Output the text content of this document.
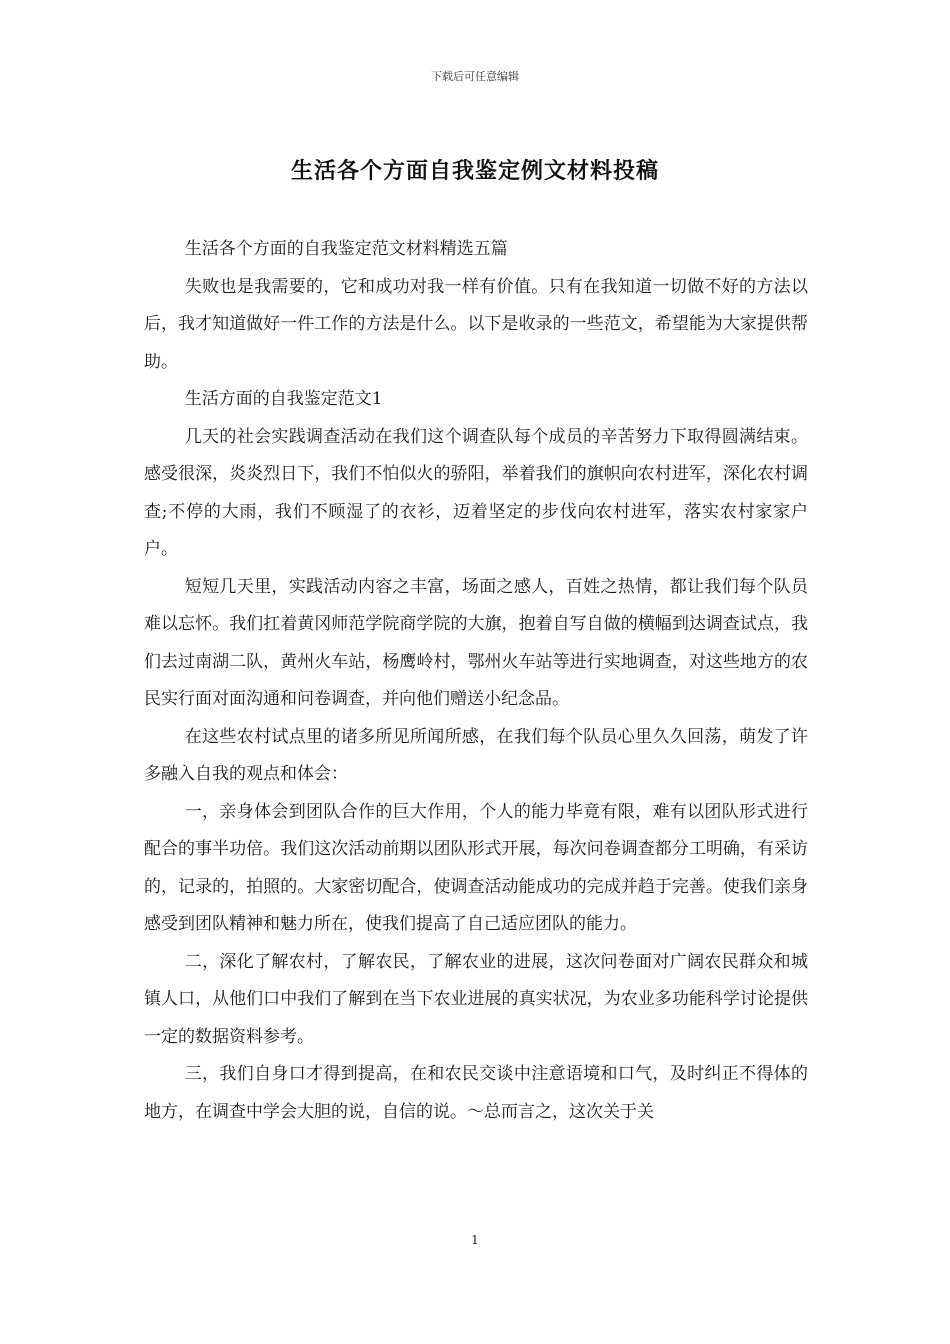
下载后可任意编辑
生活各个方面自我鉴定例文材料投稿

生活各个方面的自我鉴定范文材料精选五篇

失败也是我需要的，它和成功对我一样有价值。只有在我知道一切做不好的方法以后，我才知道做好一件工作的方法是什么。以下是收录的一些范文，希望能为大家提供帮助。

生活方面的自我鉴定范文1

几天的社会实践调查活动在我们这个调查队每个成员的辛苦努力下取得圆满结束。感受很深，炎炎烈日下，我们不怕似火的骄阳，举着我们的旗帜向农村进军，深化农村调查;不停的大雨，我们不顾湿了的衣衫，迈着坚定的步伐向农村进军，落实农村家家户户。

短短几天里，实践活动内容之丰富，场面之感人，百姓之热情，都让我们每个队员难以忘怀。我们扛着黄冈师范学院商学院的大旗，抱着自写自做的横幅到达调查试点，我们去过南湖二队，黄州火车站，杨鹰岭村，鄂州火车站等进行实地调查，对这些地方的农民实行面对面沟通和问卷调查，并向他们赠送小纪念品。

在这些农村试点里的诸多所见所闻所感，在我们每个队员心里久久回荡，萌发了许多融入自我的观点和体会：

一，亲身体会到团队合作的巨大作用，个人的能力毕竟有限，难有以团队形式进行配合的事半功倍。我们这次活动前期以团队形式开展，每次问卷调查都分工明确，有采访的，记录的，拍照的。大家密切配合，使调查活动能成功的完成并趋于完善。使我们亲身感受到团队精神和魅力所在，使我们提高了自己适应团队的能力。

二，深化了解农村，了解农民，了解农业的进展，这次问卷面对广阔农民群众和城镇人口，从他们口中我们了解到在当下农业进展的真实状况，为农业多功能科学讨论提供一定的数据资料参考。

三，我们自身口才得到提高，在和农民交谈中注意语境和口气，及时纠正不得体的地方，在调查中学会大胆的说，自信的说。～总而言之，这次关于关

1
